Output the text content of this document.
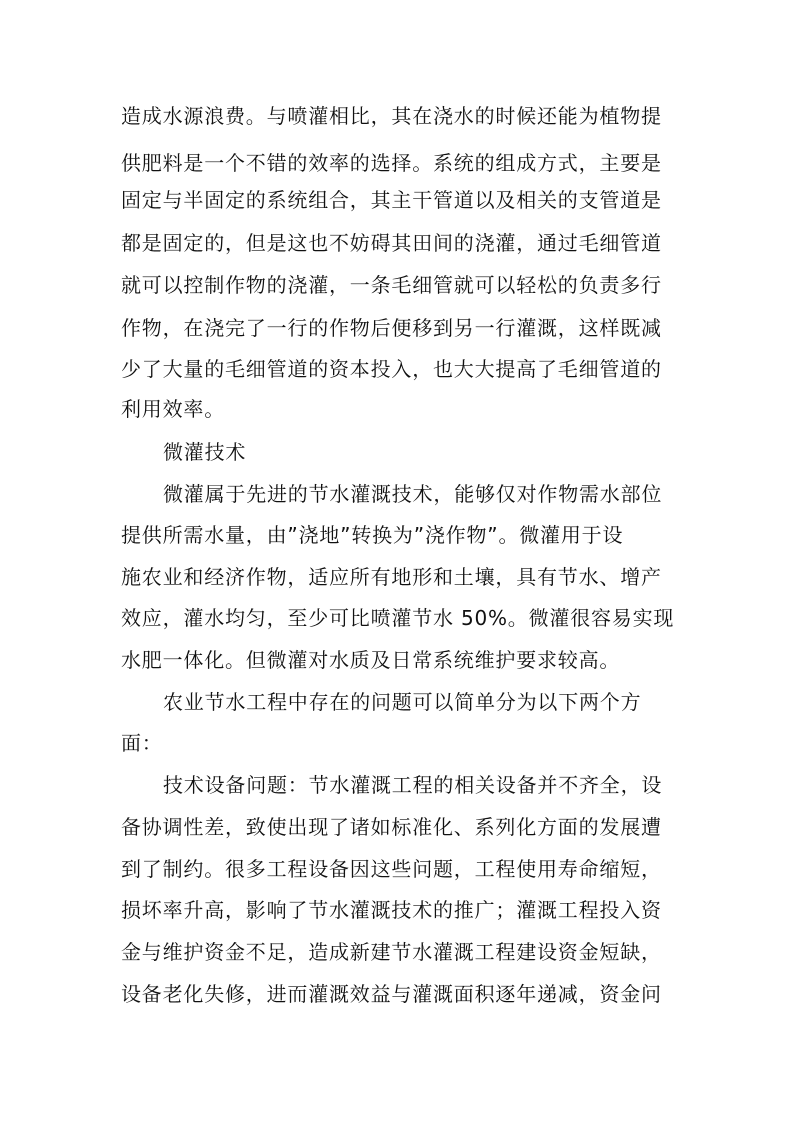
造成水源浪费。与喷灌相比，其在浇水的时候还能为植物提
供肥料是一个不错的效率的选择。系统的组成方式，主要是
固定与半固定的系统组合，其主干管道以及相关的支管道是
都是固定的，但是这也不妨碍其田间的浇灌，通过毛细管道
就可以控制作物的浇灌，一条毛细管就可以轻松的负责多行
作物，在浇完了一行的作物后便移到另一行灌溉，这样既减
少了大量的毛细管道的资本投入，也大大提高了毛细管道的
利用效率。
微灌技术
微灌属于先进的节水灌溉技术，能够仅对作物需水部位
提供所需水量，由”浇地”转换为”浇作物”。微灌用于设
施农业和经济作物，适应所有地形和土壤，具有节水、增产
效应，灌水均匀，至少可比喷灌节水 50%。微灌很容易实现
水肥一体化。但微灌对水质及日常系统维护要求较高。
农业节水工程中存在的问题可以简单分为以下两个方
面：
技术设备问题：节水灌溉工程的相关设备并不齐全，设
备协调性差，致使出现了诸如标准化、系列化方面的发展遭
到了制约。很多工程设备因这些问题，工程使用寿命缩短，
损坏率升高，影响了节水灌溉技术的推广；灌溉工程投入资
金与维护资金不足，造成新建节水灌溉工程建设资金短缺，
设备老化失修，进而灌溉效益与灌溉面积逐年递减，资金问
